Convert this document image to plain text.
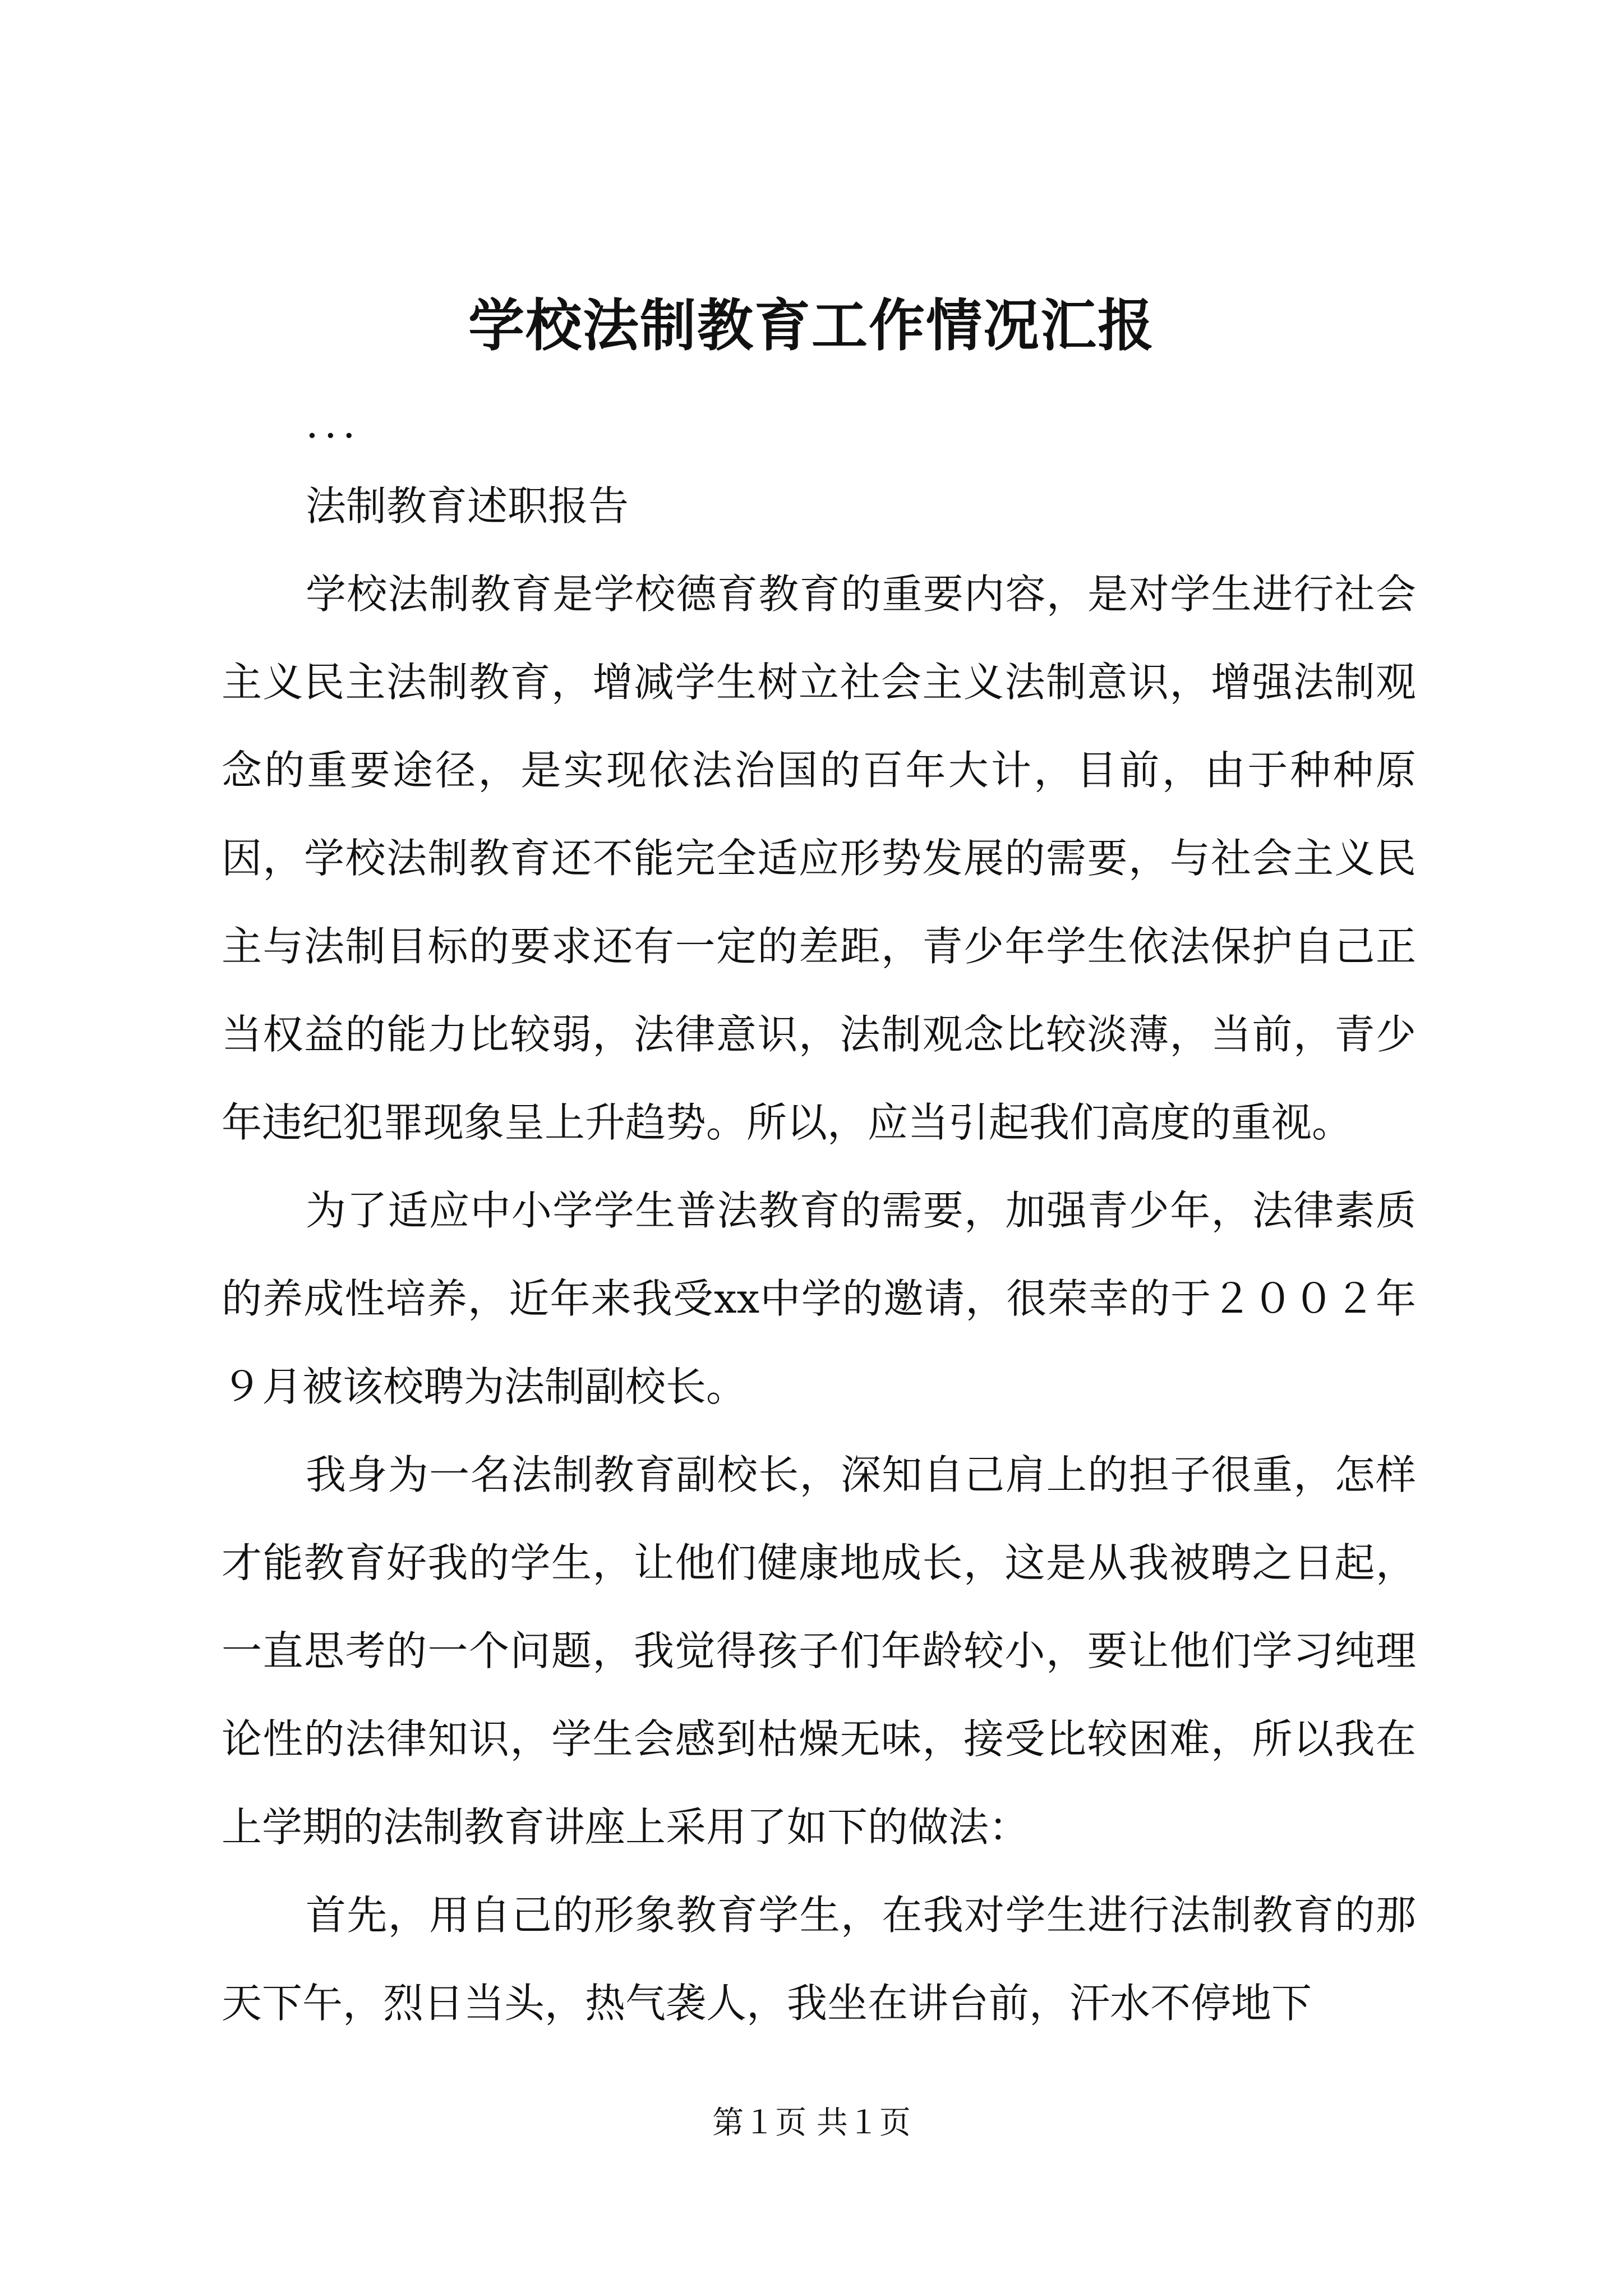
学校法制教育工作情况汇报

...

法制教育述职报告

学校法制教育是学校德育教育的重要内容，是对学生进行社会主义民主法制教育，增减学生树立社会主义法制意识，增强法制观念的重要途径，是实现依法治国的百年大计，目前，由于种种原因，学校法制教育还不能完全适应形势发展的需要，与社会主义民主与法制目标的要求还有一定的差距，青少年学生依法保护自己正当权益的能力比较弱，法律意识，法制观念比较淡薄，当前，青少年违纪犯罪现象呈上升趋势。所以，应当引起我们高度的重视。

为了适应中小学学生普法教育的需要，加强青少年，法律素质的养成性培养，近年来我受xx中学的邀请，很荣幸的于２００２年９月被该校聘为法制副校长。

我身为一名法制教育副校长，深知自己肩上的担子很重，怎样才能教育好我的学生，让他们健康地成长，这是从我被聘之日起，一直思考的一个问题，我觉得孩子们年龄较小，要让他们学习纯理论性的法律知识，学生会感到枯燥无味，接受比较困难，所以我在上学期的法制教育讲座上采用了如下的做法：

首先，用自己的形象教育学生，在我对学生进行法制教育的那天下午，烈日当头，热气袭人，我坐在讲台前，汗水不停地下

第１页 共１页
